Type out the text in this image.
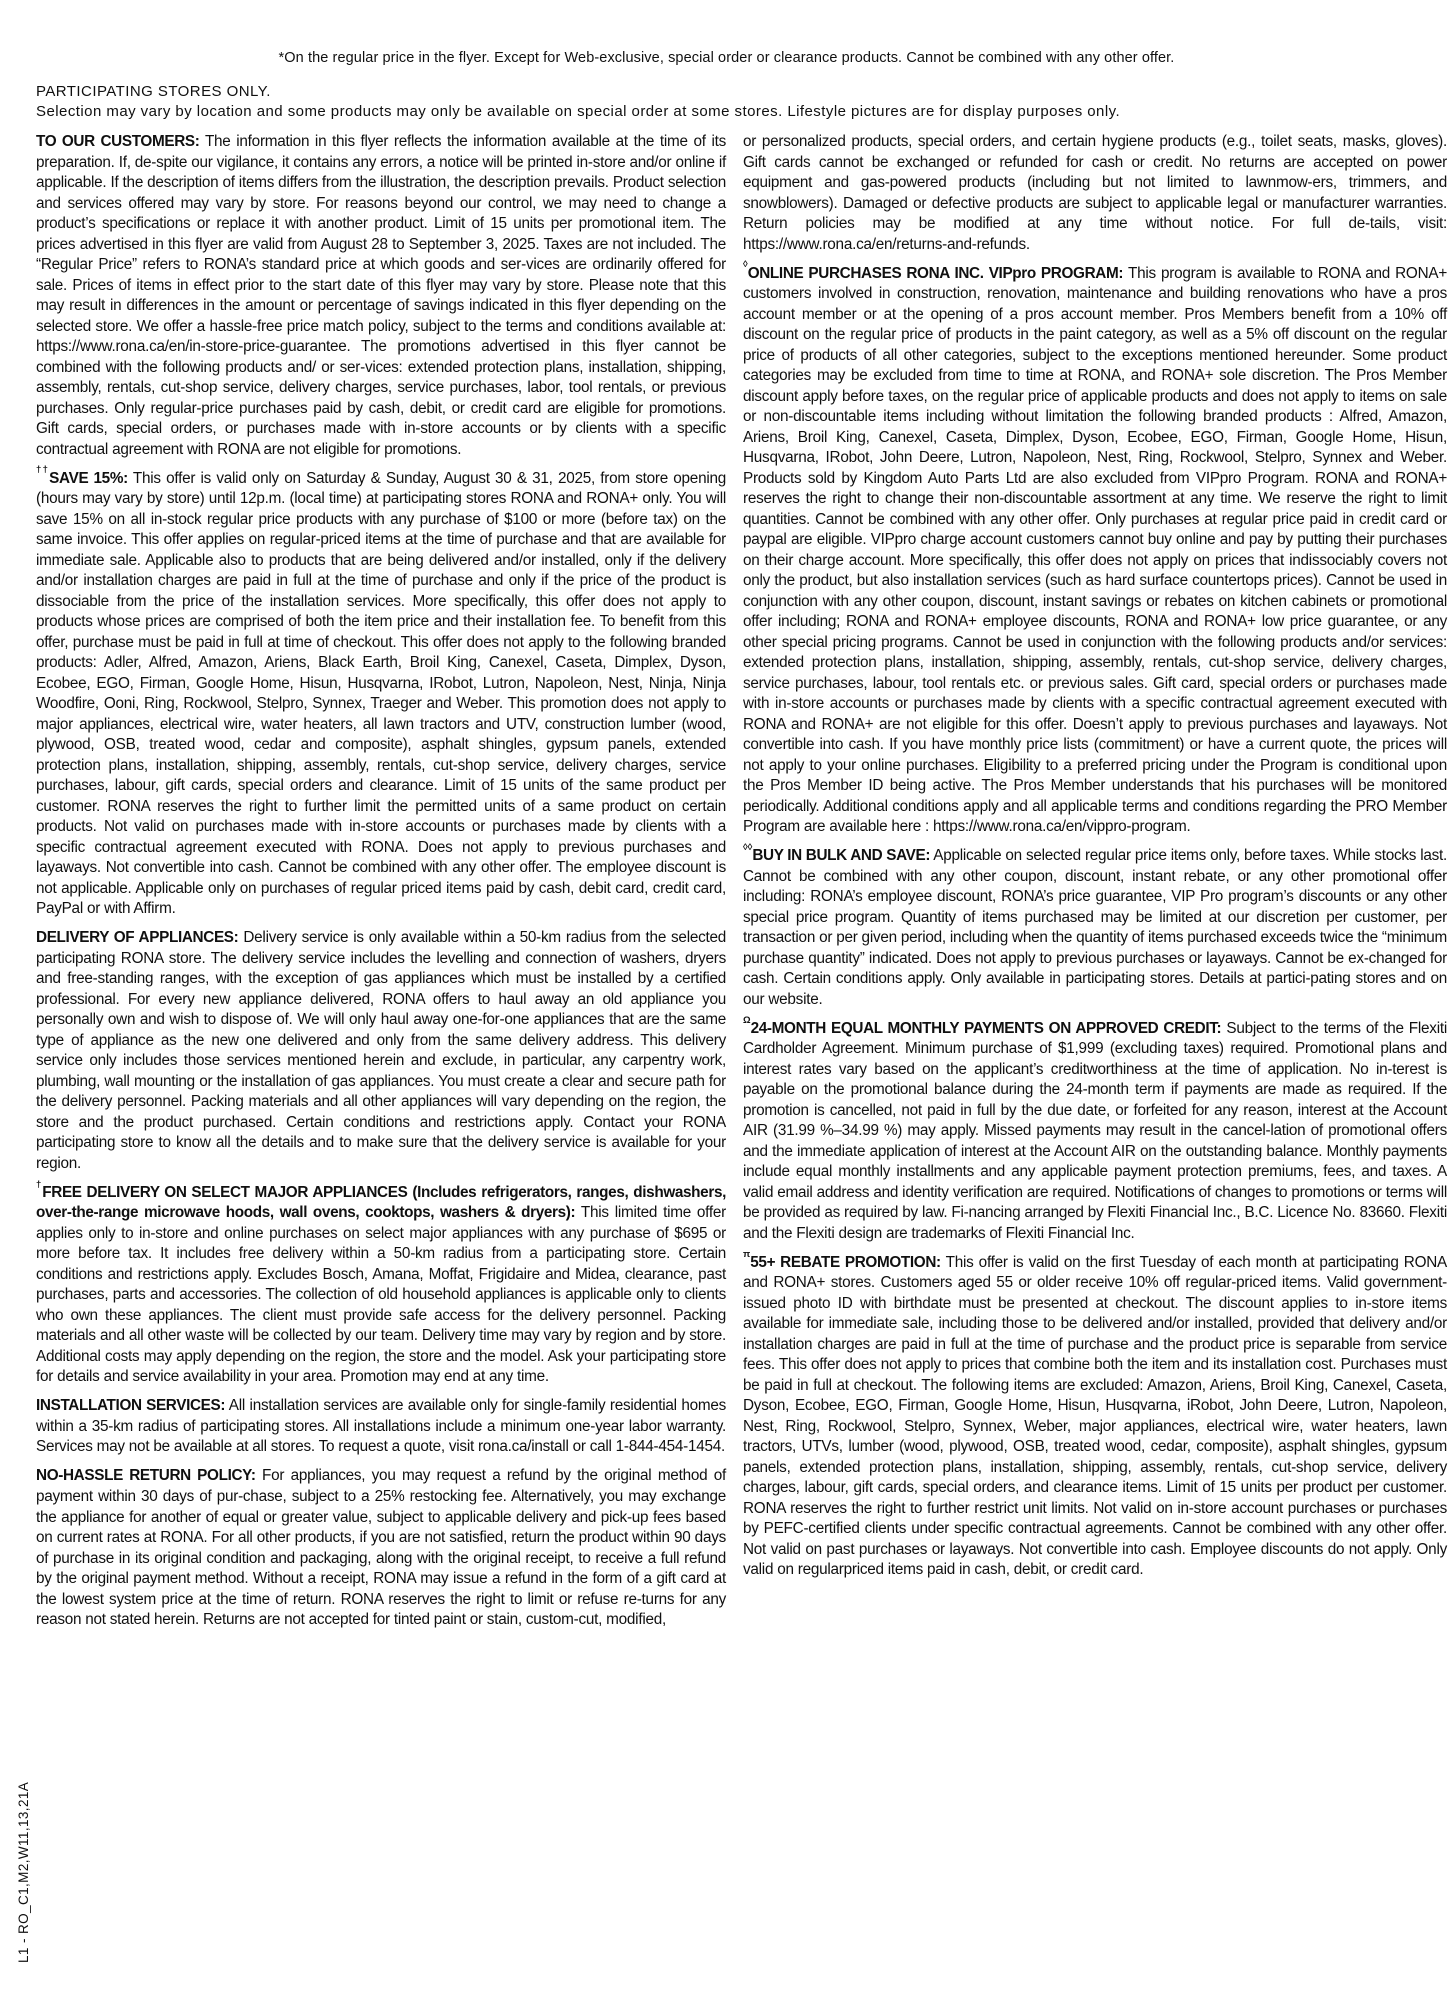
*On the regular price in the flyer. Except for Web-exclusive, special order or clearance products. Cannot be combined with any other offer.
PARTICIPATING STORES ONLY.
Selection may vary by location and some products may only be available on special order at some stores. Lifestyle pictures are for display purposes only.

TO OUR CUSTOMERS: The information in this flyer reflects the information available at the time of its preparation. If, de-spite our vigilance, it contains any errors, a notice will be printed in-store and/or online if applicable. If the description of items differs from the illustration, the description prevails. Product selection and services offered may vary by store. For reasons beyond our control, we may need to change a product’s specifications or replace it with another product. Limit of 15 units per promotional item. The prices advertised in this flyer are valid from August 28 to September 3, 2025. Taxes are not included. The “Regular Price” refers to RONA’s standard price at which goods and ser-vices are ordinarily offered for sale. Prices of items in effect prior to the start date of this flyer may vary by store. Please note that this may result in differences in the amount or percentage of savings indicated in this flyer depending on the selected store. We offer a hassle-free price match policy, subject to the terms and conditions available at: https://www.rona.ca/en/in-store-price-guarantee. The promotions advertised in this flyer cannot be combined with the following products and/ or ser-vices: extended protection plans, installation, shipping, assembly, rentals, cut-shop service, delivery charges, service purchases, labor, tool rentals, or previous purchases. Only regular-price purchases paid by cash, debit, or credit card are eligible for promotions. Gift cards, special orders, or purchases made with in-store accounts or by clients with a specific contractual agreement with RONA are not eligible for promotions.

††SAVE 15%: This offer is valid only on Saturday & Sunday, August 30 & 31, 2025, from store opening (hours may vary by store) until 12p.m. (local time) at participating stores RONA and RONA+ only. You will save 15% on all in-stock regular price products with any purchase of $100 or more (before tax) on the same invoice. This offer applies on regular-priced items at the time of purchase and that are available for immediate sale. Applicable also to products that are being delivered and/or installed, only if the delivery and/or installation charges are paid in full at the time of purchase and only if the price of the product is dissociable from the price of the installation services. More specifically, this offer does not apply to products whose prices are comprised of both the item price and their installation fee. To benefit from this offer, purchase must be paid in full at time of checkout. This offer does not apply to the following branded products: Adler, Alfred, Amazon, Ariens, Black Earth, Broil King, Canexel, Caseta, Dimplex, Dyson, Ecobee, EGO, Firman, Google Home, Hisun, Husqvarna, IRobot, Lutron, Napoleon, Nest, Ninja, Ninja Woodfire, Ooni, Ring, Rockwool, Stelpro, Synnex, Traeger and Weber. This promotion does not apply to major appliances, electrical wire, water heaters, all lawn tractors and UTV, construction lumber (wood, plywood, OSB, treated wood, cedar and composite), asphalt shingles, gypsum panels, extended protection plans, installation, shipping, assembly, rentals, cut-shop service, delivery charges, service purchases, labour, gift cards, special orders and clearance. Limit of 15 units of the same product per customer. RONA reserves the right to further limit the permitted units of a same product on certain products. Not valid on purchases made with in-store accounts or purchases made by clients with a specific contractual agreement executed with RONA. Does not apply to previous purchases and layaways. Not convertible into cash. Cannot be combined with any other offer. The employee discount is not applicable. Applicable only on purchases of regular priced items paid by cash, debit card, credit card, PayPal or with Affirm.

DELIVERY OF APPLIANCES: Delivery service is only available within a 50-km radius from the selected participating RONA store. The delivery service includes the levelling and connection of washers, dryers and free-standing ranges, with the exception of gas appliances which must be installed by a certified professional. For every new appliance delivered, RONA offers to haul away an old appliance you personally own and wish to dispose of. We will only haul away one-for-one appliances that are the same type of appliance as the new one delivered and only from the same delivery address. This delivery service only includes those services mentioned herein and exclude, in particular, any carpentry work, plumbing, wall mounting or the installation of gas appliances. You must create a clear and secure path for the delivery personnel. Packing materials and all other appliances will vary depending on the region, the store and the product purchased. Certain conditions and restrictions apply. Contact your RONA participating store to know all the details and to make sure that the delivery service is available for your region.

†FREE DELIVERY ON SELECT MAJOR APPLIANCES (Includes refrigerators, ranges, dishwashers, over-the-range microwave hoods, wall ovens, cooktops, washers & dryers): This limited time offer applies only to in-store and online purchases on select major appliances with any purchase of $695 or more before tax. It includes free delivery within a 50-km radius from a participating store. Certain conditions and restrictions apply. Excludes Bosch, Amana, Moffat, Frigidaire and Midea, clearance, past purchases, parts and accessories. The collection of old household appliances is applicable only to clients who own these appliances. The client must provide safe access for the delivery personnel. Packing materials and all other waste will be collected by our team. Delivery time may vary by region and by store. Additional costs may apply depending on the region, the store and the model. Ask your participating store for details and service availability in your area. Promotion may end at any time.

INSTALLATION SERVICES: All installation services are available only for single-family residential homes within a 35-km radius of participating stores. All installations include a minimum one-year labor warranty. Services may not be available at all stores. To request a quote, visit rona.ca/install or call 1-844-454-1454.

NO-HASSLE RETURN POLICY: For appliances, you may request a refund by the original method of payment within 30 days of pur-chase, subject to a 25% restocking fee. Alternatively, you may exchange the appliance for another of equal or greater value, subject to applicable delivery and pick-up fees based on current rates at RONA. For all other products, if you are not satisfied, return the product within 90 days of purchase in its original condition and packaging, along with the original receipt, to receive a full refund by the original payment method. Without a receipt, RONA may issue a refund in the form of a gift card at the lowest system price at the time of return. RONA reserves the right to limit or refuse re-turns for any reason not stated herein. Returns are not accepted for tinted paint or stain, custom-cut, modified,

or personalized products, special orders, and certain hygiene products (e.g., toilet seats, masks, gloves). Gift cards cannot be exchanged or refunded for cash or credit. No returns are accepted on power equipment and gas-powered products (including but not limited to lawnmow-ers, trimmers, and snowblowers). Damaged or defective products are subject to applicable legal or manufacturer warranties. Return policies may be modified at any time without notice. For full de-tails, visit: https://www.rona.ca/en/returns-and-refunds.

◊ONLINE PURCHASES RONA INC. VIPpro PROGRAM: This program is available to RONA and RONA+ customers involved in construction, renovation, maintenance and building renovations who have a pros account member or at the opening of a pros account member. Pros Members benefit from a 10% off discount on the regular price of products in the paint category, as well as a 5% off discount on the regular price of products of all other categories, subject to the exceptions mentioned hereunder. Some product categories may be excluded from time to time at RONA, and RONA+ sole discretion. The Pros Member discount apply before taxes, on the regular price of applicable products and does not apply to items on sale or non-discountable items including without limitation the following branded products : Alfred, Amazon, Ariens, Broil King, Canexel, Caseta, Dimplex, Dyson, Ecobee, EGO, Firman, Google Home, Hisun, Husqvarna, IRobot, John Deere, Lutron, Napoleon, Nest, Ring, Rockwool, Stelpro, Synnex and Weber. Products sold by Kingdom Auto Parts Ltd are also excluded from VIPpro Program. RONA and RONA+ reserves the right to change their non-discountable assortment at any time. We reserve the right to limit quantities. Cannot be combined with any other offer. Only purchases at regular price paid in credit card or paypal are eligible. VIPpro charge account customers cannot buy online and pay by putting their purchases on their charge account. More specifically, this offer does not apply on prices that indissociably covers not only the product, but also installation services (such as hard surface countertops prices). Cannot be used in conjunction with any other coupon, discount, instant savings or rebates on kitchen cabinets or promotional offer including; RONA and RONA+ employee discounts, RONA and RONA+ low price guarantee, or any other special pricing programs. Cannot be used in conjunction with the following products and/or services: extended protection plans, installation, shipping, assembly, rentals, cut-shop service, delivery charges, service purchases, labour, tool rentals etc. or previous sales. Gift card, special orders or purchases made with in-store accounts or purchases made by clients with a specific contractual agreement executed with RONA and RONA+ are not eligible for this offer. Doesn’t apply to previous purchases and layaways. Not convertible into cash. If you have monthly price lists (commitment) or have a current quote, the prices will not apply to your online purchases. Eligibility to a preferred pricing under the Program is conditional upon the Pros Member ID being active. The Pros Member understands that his purchases will be monitored periodically. Additional conditions apply and all applicable terms and conditions regarding the PRO Member Program are available here : https://www.rona.ca/en/vippro-program.

◊◊BUY IN BULK AND SAVE: Applicable on selected regular price items only, before taxes. While stocks last. Cannot be combined with any other coupon, discount, instant rebate, or any other promotional offer including: RONA’s employee discount, RONA’s price guarantee, VIP Pro program’s discounts or any other special price program. Quantity of items purchased may be limited at our discretion per customer, per transaction or per given period, including when the quantity of items purchased exceeds twice the “minimum purchase quantity” indicated. Does not apply to previous purchases or layaways. Cannot be ex-changed for cash. Certain conditions apply. Only available in participating stores. Details at partici-pating stores and on our website.

$^\Omega$24-MONTH EQUAL MONTHLY PAYMENTS ON APPROVED CREDIT: Subject to the terms of the Flexiti Cardholder Agreement. Minimum purchase of $1,999 (excluding taxes) required. Promotional plans and interest rates vary based on the applicant’s creditworthiness at the time of application. No in-terest is payable on the promotional balance during the 24-month term if payments are made as required. If the promotion is cancelled, not paid in full by the due date, or forfeited for any reason, interest at the Account AIR (31.99 %–34.99 %) may apply. Missed payments may result in the cancel-lation of promotional offers and the immediate application of interest at the Account AIR on the outstanding balance. Monthly payments include equal monthly installments and any applicable payment protection premiums, fees, and taxes. A valid email address and identity verification are required. Notifications of changes to promotions or terms will be provided as required by law. Fi-nancing arranged by Flexiti Financial Inc., B.C. Licence No. 83660. Flexiti and the Flexiti design are trademarks of Flexiti Financial Inc.

$^\pi$55+ REBATE PROMOTION: This offer is valid on the first Tuesday of each month at participating RONA and RONA+ stores. Customers aged 55 or older receive 10% off regular-priced items. Valid government-issued photo ID with birthdate must be presented at checkout. The discount applies to in-store items available for immediate sale, including those to be delivered and/or installed, provided that delivery and/or installation charges are paid in full at the time of purchase and the product price is separable from service fees. This offer does not apply to prices that combine both the item and its installation cost. Purchases must be paid in full at checkout. The following items are excluded: Amazon, Ariens, Broil King, Canexel, Caseta, Dyson, Ecobee, EGO, Firman, Google Home, Hisun, Husqvarna, iRobot, John Deere, Lutron, Napoleon, Nest, Ring, Rockwool, Stelpro, Synnex, Weber, major appliances, electrical wire, water heaters, lawn tractors, UTVs, lumber (wood, plywood, OSB, treated wood, cedar, composite), asphalt shingles, gypsum panels, extended protection plans, installation, shipping, assembly, rentals, cut-shop service, delivery charges, labour, gift cards, special orders, and clearance items. Limit of 15 units per product per customer. RONA reserves the right to further restrict unit limits. Not valid on in-store account purchases or purchases by PEFC-certified clients under specific contractual agreements. Cannot be combined with any other offer. Not valid on past purchases or layaways. Not convertible into cash. Employee discounts do not apply. Only valid on regularpriced items paid in cash, debit, or credit card.

L1 - RO_C1,M2,W11,13,21A
